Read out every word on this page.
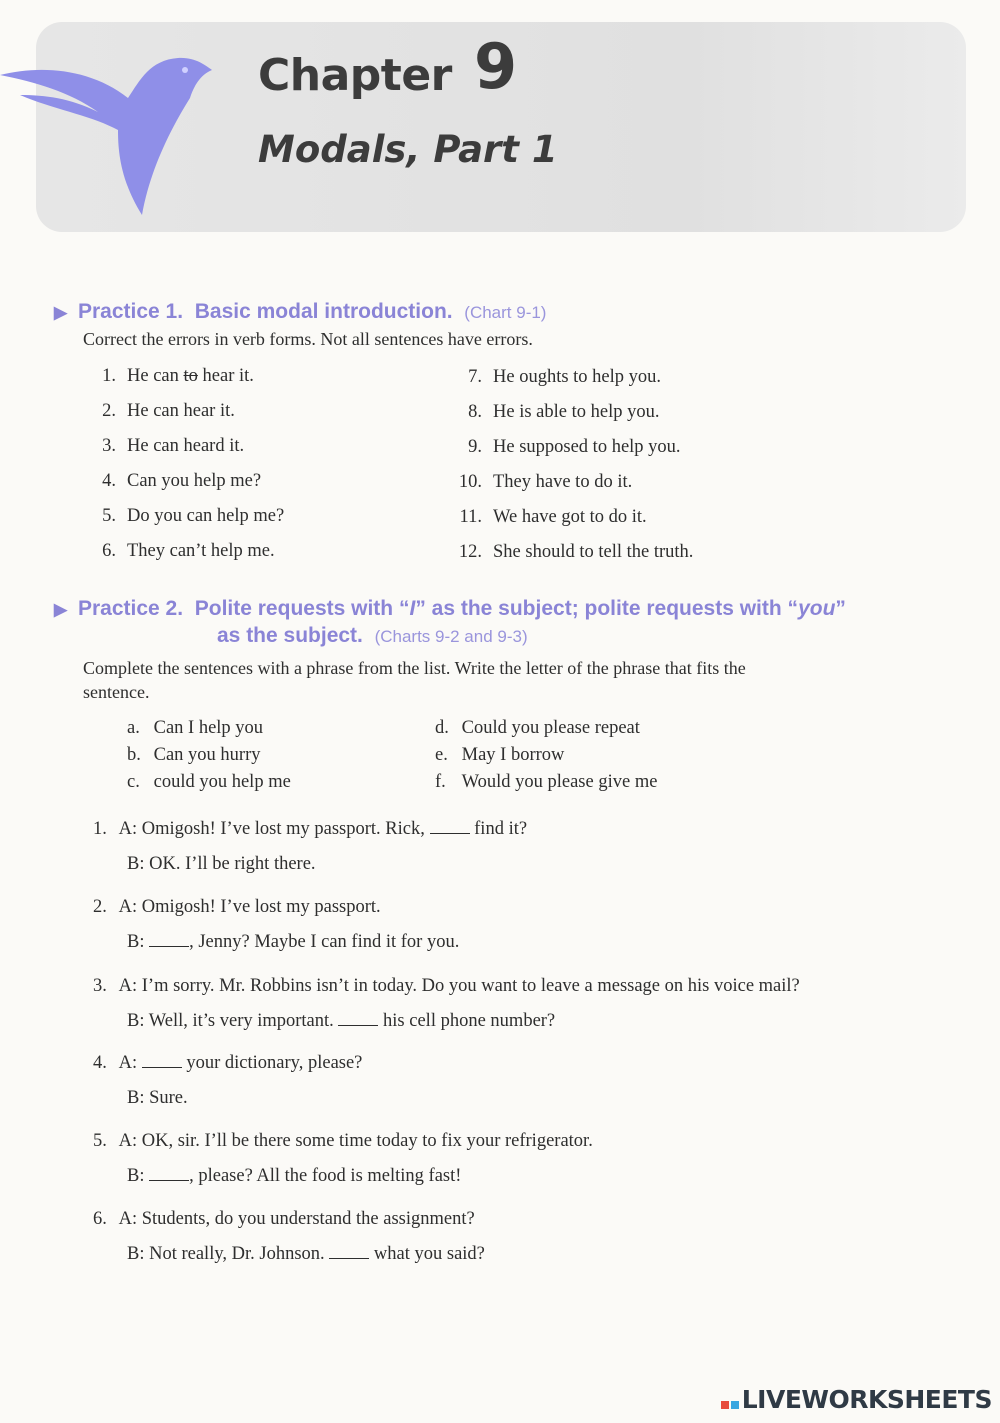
Chapter 9
Modals, Part 1
▶ Practice 1. Basic modal introduction. (Chart 9-1)
Correct the errors in verb forms. Not all sentences have errors.
1. He can to hear it.
2. He can hear it.
3. He can heard it.
4. Can you help me?
5. Do you can help me?
6. They can’t help me.
7. He oughts to help you.
8. He is able to help you.
9. He supposed to help you.
10. They have to do it.
11. We have got to do it.
12. She should to tell the truth.
▶ Practice 2. Polite requests with “I” as the subject; polite requests with “you”
as the subject. (Charts 9-2 and 9-3)
Complete the sentences with a phrase from the list. Write the letter of the phrase that fits the
sentence.
a. Can I help you
b. Can you hurry
c. could you help me
d. Could you please repeat
e. May I borrow
f. Would you please give me
1. A: Omigosh! I’ve lost my passport. Rick,  find it?
B: OK. I’ll be right there.
2. A: Omigosh! I’ve lost my passport.
B: , Jenny? Maybe I can find it for you.
3. A: I’m sorry. Mr. Robbins isn’t in today. Do you want to leave a message on his voice mail?
B: Well, it’s very important.  his cell phone number?
4. A:  your dictionary, please?
B: Sure.
5. A: OK, sir. I’ll be there some time today to fix your refrigerator.
B: , please? All the food is melting fast!
6. A: Students, do you understand the assignment?
B: Not really, Dr. Johnson.  what you said?
LIVEWORKSHEETS
